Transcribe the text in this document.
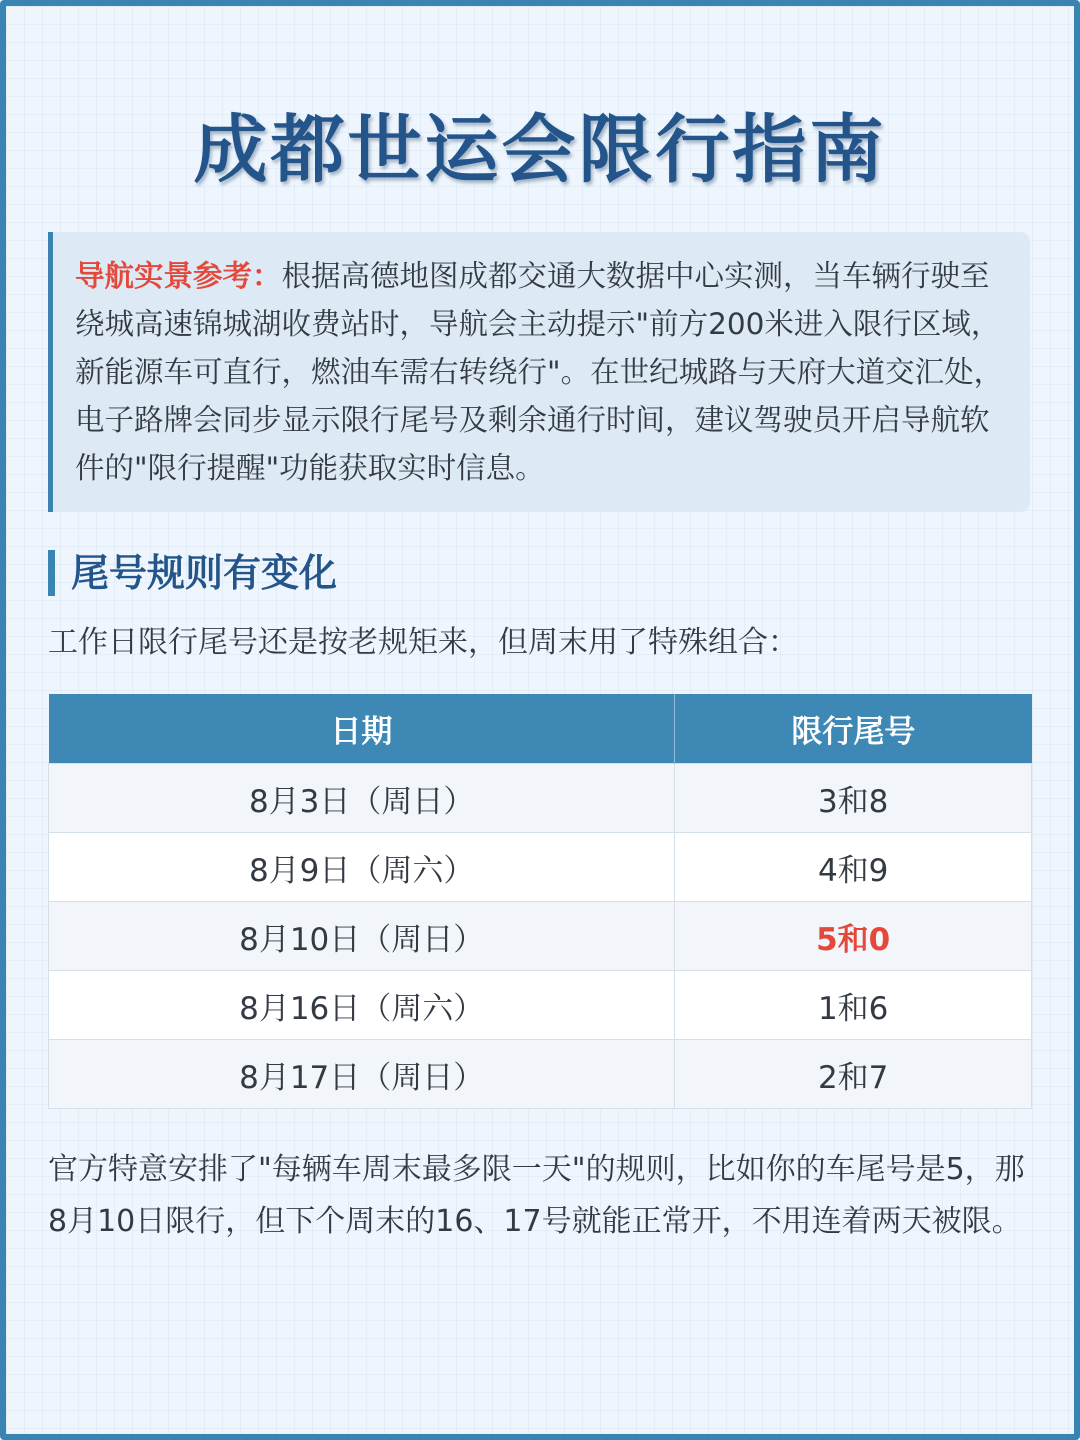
成都世运会限行指南
导航实景参考：根据高德地图成都交通大数据中心实测，当车辆行驶至绕城高速锦城湖收费站时，导航会主动提示"前方200米进入限行区域，新能源车可直行，燃油车需右转绕行"。在世纪城路与天府大道交汇处，电子路牌会同步显示限行尾号及剩余通行时间，建议驾驶员开启导航软件的"限行提醒"功能获取实时信息。
尾号规则有变化
工作日限行尾号还是按老规矩来，但周末用了特殊组合：
日期	限行尾号
8月3日（周日）	3和8
8月9日（周六）	4和9
8月10日（周日）	5和0
8月16日（周六）	1和6
8月17日（周日）	2和7
官方特意安排了"每辆车周末最多限一天"的规则，比如你的车尾号是5，那8月10日限行，但下个周末的16、17号就能正常开，不用连着两天被限。
